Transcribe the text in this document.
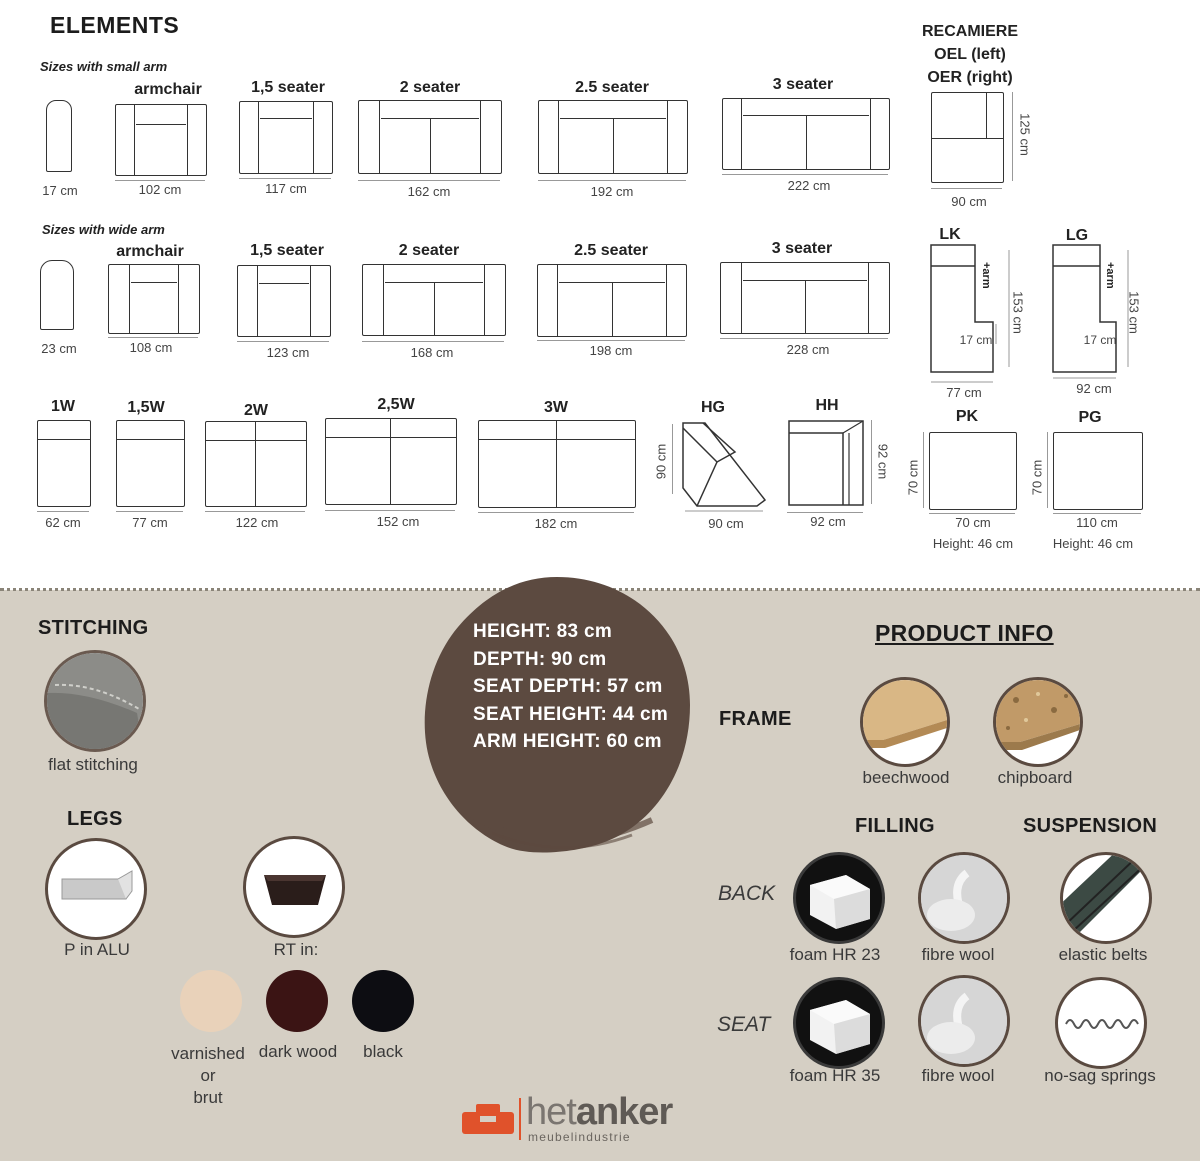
ELEMENTS
Sizes with small arm
Sizes with wide arm
17 cm
armchair
102 cm
1,5 seater
117 cm
2 seater
162 cm
2.5 seater
192 cm
3 seater
222 cm
RECAMIERE
OEL (left)
OER (right)
125 cm
90 cm
23 cm
armchair
108 cm
1,5 seater
123 cm
2 seater
168 cm
2.5 seater
198 cm
3 seater
228 cm
LK
+arm
153 cm
17 cm
77 cm
LG
+arm
153 cm
17 cm
92 cm
1W
62 cm
1,5W
77 cm
2W
122 cm
2,5W
152 cm
3W
182 cm
HG
90 cm
90 cm
HH
92 cm
92 cm
PK
70 cm
70 cm
Height: 46 cm
PG
70 cm
110 cm
Height: 46 cm
STITCHING
flat stitching
LEGS
P in ALU	RT in:
varnished
or
brut
dark wood	black
HEIGHT: 83 cm
DEPTH: 90 cm
SEAT DEPTH: 57 cm
SEAT HEIGHT: 44 cm
ARM HEIGHT: 60 cm
PRODUCT INFO
FRAME
beechwood	chipboard
FILLING	SUSPENSION
BACK
SEAT
foam HR 23	fibre wool	elastic belts
foam HR 35	fibre wool	no-sag springs
hetanker
meubelindustrie
